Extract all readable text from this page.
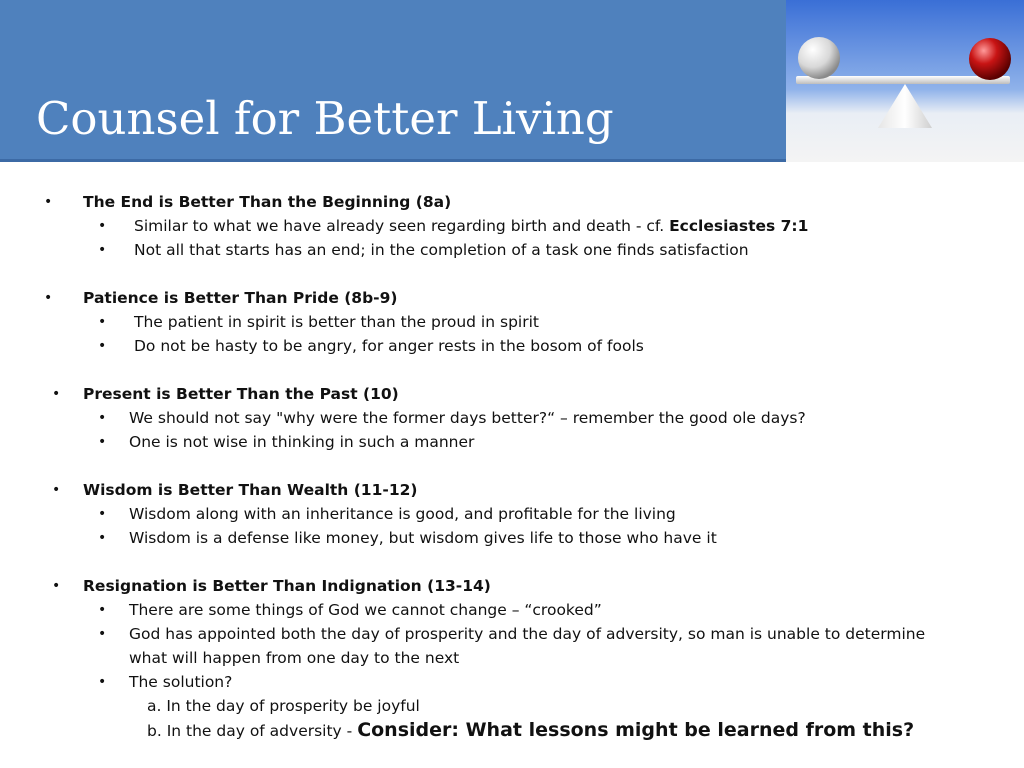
Counsel for Better Living
• The End is Better Than the Beginning (8a)
• Similar to what we have already seen regarding birth and death - cf. Ecclesiastes 7:1
• Not all that starts has an end; in the completion of a task one finds satisfaction
• Patience is Better Than Pride (8b-9)
• The patient in spirit is better than the proud in spirit
• Do not be hasty to be angry, for anger rests in the bosom of fools
• Present is Better Than the Past (10)
• We should not say "why were the former days better?“ – remember the good ole days?
• One is not wise in thinking in such a manner
• Wisdom is Better Than Wealth (11-12)
• Wisdom along with an inheritance is good, and profitable for the living
• Wisdom is a defense like money, but wisdom gives life to those who have it
• Resignation is Better Than Indignation (13-14)
• There are some things of God we cannot change – “crooked”
• God has appointed both the day of prosperity and the day of adversity, so man is unable to determine
what will happen from one day to the next
• The solution?
a. In the day of prosperity be joyful
b. In the day of adversity - Consider: What lessons might be learned from this?
